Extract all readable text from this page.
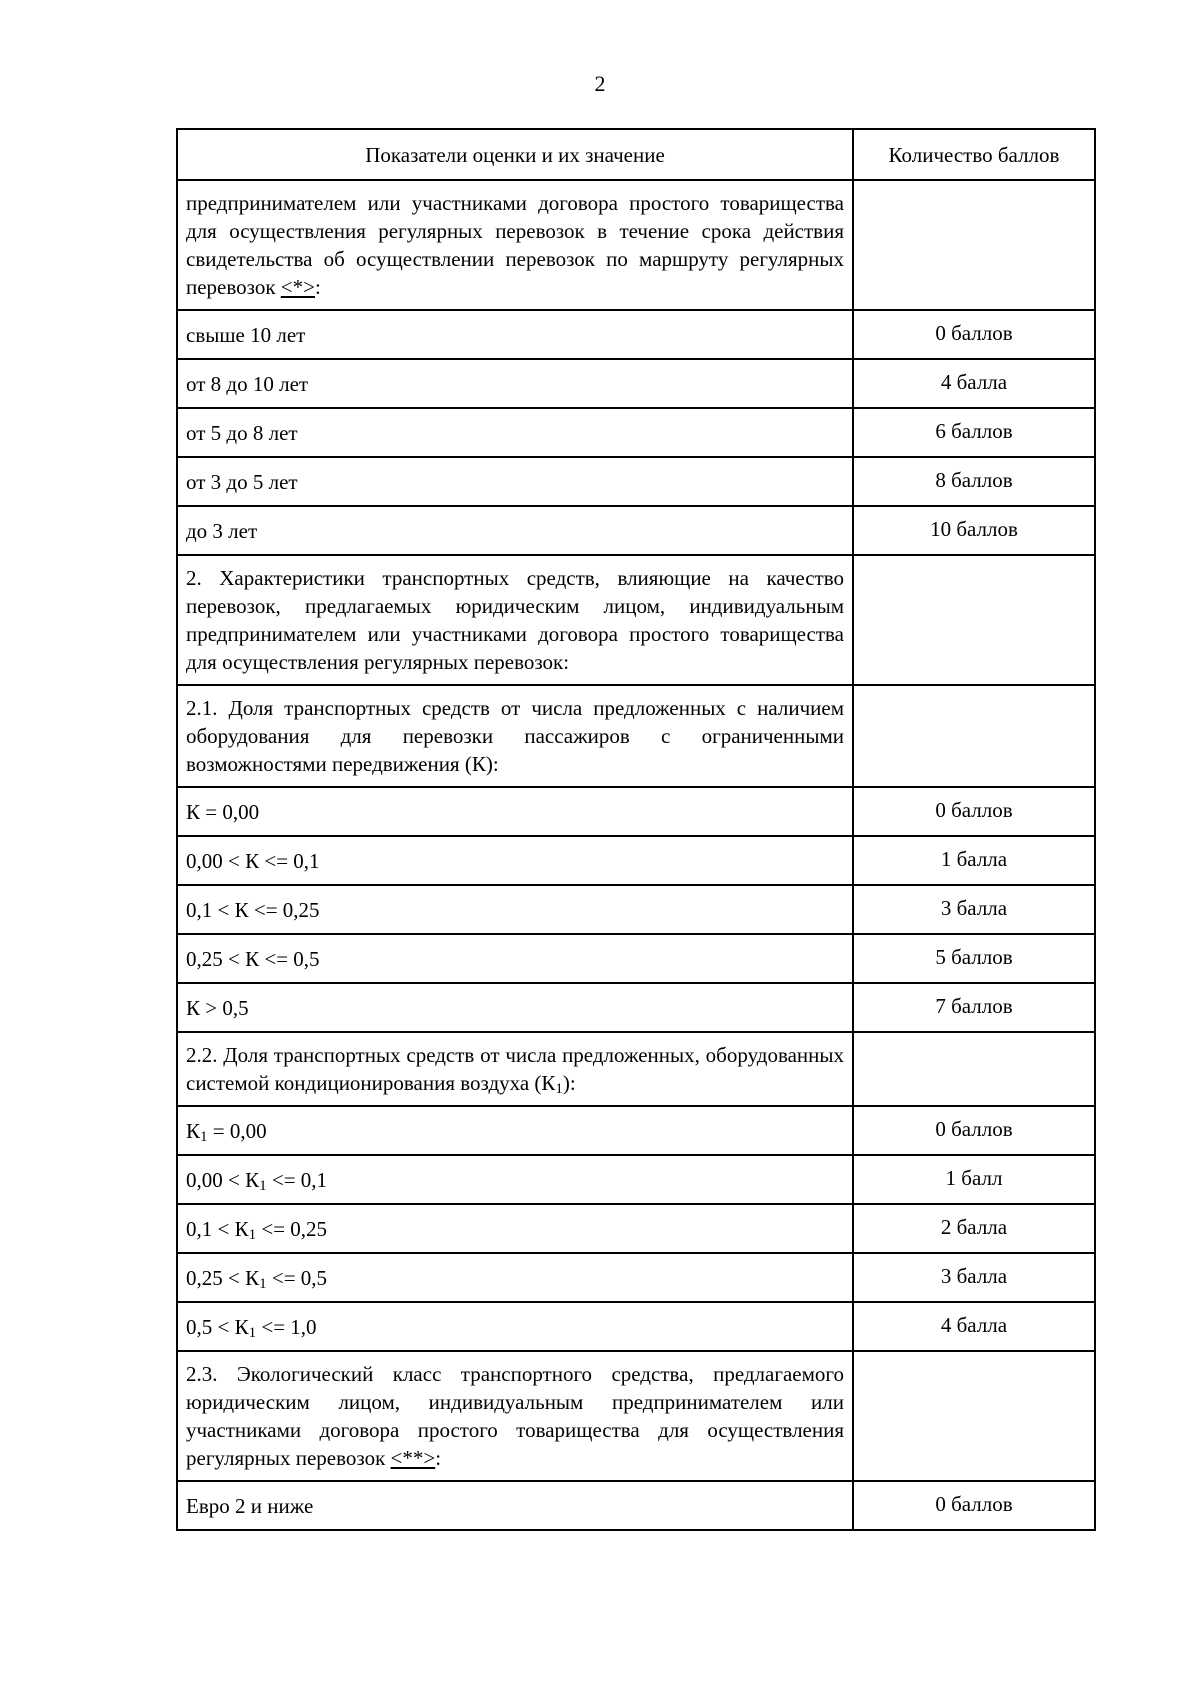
2
Показатели оценки и их значение	Количество баллов
предпринимателем или участниками договора простого товарищества для осуществления регулярных перевозок в течение срока действия свидетельства об осуществлении перевозок по маршруту регулярных перевозок <*>:	
свыше 10 лет	0 баллов
от 8 до 10 лет	4 балла
от 5 до 8 лет	6 баллов
от 3 до 5 лет	8 баллов
до 3 лет	10 баллов
2. Характеристики транспортных средств, влияющие на качество перевозок, предлагаемых юридическим лицом, индивидуальным предпринимателем или участниками договора простого товарищества для осуществления регулярных перевозок:	
2.1. Доля транспортных средств от числа предложенных с наличием оборудования для перевозки пассажиров с ограниченными возможностями передвижения (К):	
К = 0,00	0 баллов
0,00 < К <= 0,1	1 балла
0,1 < К <= 0,25	3 балла
0,25 < К <= 0,5	5 баллов
К > 0,5	7 баллов
2.2. Доля транспортных средств от числа предложенных, оборудованных системой кондиционирования воздуха $(К_1)$:	
$К_1 = 0,00$	0 баллов
$0,00 < К_1 <= 0,1$	1 балл
$0,1 < К_1 <= 0,25$	2 балла
$0,25 < К_1 <= 0,5$	3 балла
$0,5 < К_1 <= 1,0$	4 балла
2.3. Экологический класс транспортного средства, предлагаемого юридическим лицом, индивидуальным предпринимателем или участниками договора простого товарищества для осуществления регулярных перевозок <**>:	
Евро 2 и ниже	0 баллов
